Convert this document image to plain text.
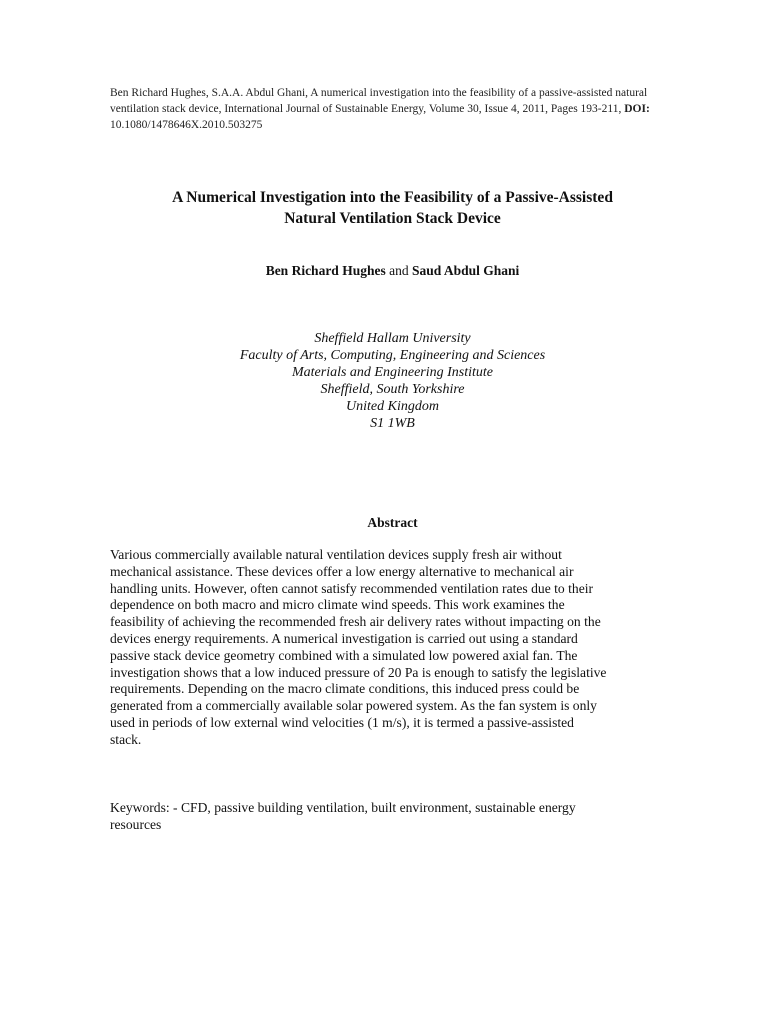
Ben Richard Hughes, S.A.A. Abdul Ghani, A numerical investigation into the feasibility of a passive-assisted natural ventilation stack device, International Journal of Sustainable Energy, Volume 30, Issue 4, 2011, Pages 193-211, DOI: 10.1080/1478646X.2010.503275
A Numerical Investigation into the Feasibility of a Passive-Assisted
Natural Ventilation Stack Device
Ben Richard Hughes and Saud Abdul Ghani
Sheffield Hallam University
Faculty of Arts, Computing, Engineering and Sciences
Materials and Engineering Institute
Sheffield, South Yorkshire
United Kingdom
S1 1WB
Abstract
Various commercially available natural ventilation devices supply fresh air without
mechanical assistance. These devices offer a low energy alternative to mechanical air
handling units. However, often cannot satisfy recommended ventilation rates due to their
dependence on both macro and micro climate wind speeds. This work examines the
feasibility of achieving the recommended fresh air delivery rates without impacting on the
devices energy requirements. A numerical investigation is carried out using a standard
passive stack device geometry combined with a simulated low powered axial fan. The
investigation shows that a low induced pressure of 20 Pa is enough to satisfy the legislative
requirements. Depending on the macro climate conditions, this induced press could be
generated from a commercially available solar powered system. As the fan system is only
used in periods of low external wind velocities (1 m/s), it is termed a passive-assisted
stack.
Keywords: - CFD, passive building ventilation, built environment, sustainable energy
resources
